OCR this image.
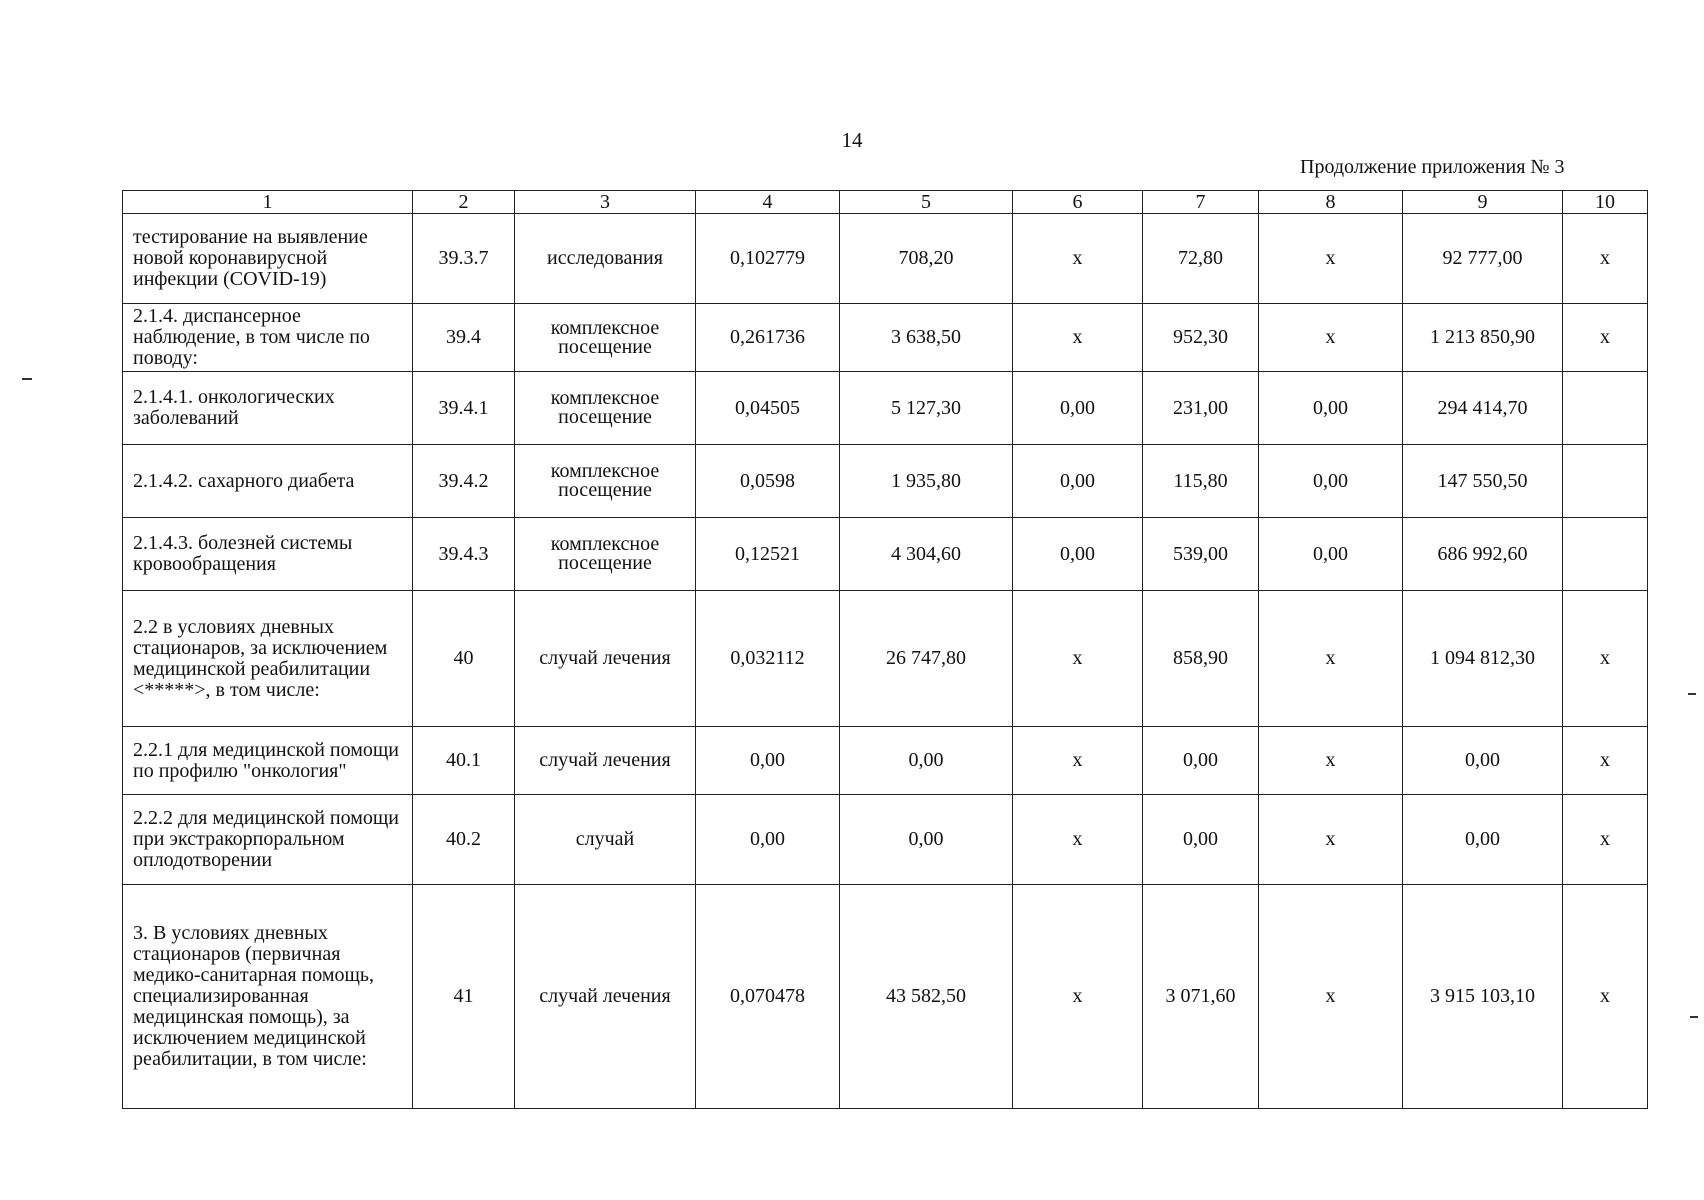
14
Продолжение приложения № 3
1	2	3	4	5	6	7	8	9	10
тестирование на выявление новой коронавирусной инфекции (COVID-19)	39.3.7	исследования	0,102779	708,20	x	72,80	x	92 777,00	x
2.1.4. диспансерное наблюдение, в том числе по поводу:	39.4	комплексное посещение	0,261736	3 638,50	x	952,30	x	1 213 850,90	x
2.1.4.1. онкологических заболеваний	39.4.1	комплексное посещение	0,04505	5 127,30	0,00	231,00	0,00	294 414,70	
2.1.4.2. сахарного диабета	39.4.2	комплексное посещение	0,0598	1 935,80	0,00	115,80	0,00	147 550,50	
2.1.4.3. болезней системы кровообращения	39.4.3	комплексное посещение	0,12521	4 304,60	0,00	539,00	0,00	686 992,60	
2.2 в условиях дневных стационаров, за исключением медицинской реабилитации <*****>, в том числе:	40	случай лечения	0,032112	26 747,80	x	858,90	x	1 094 812,30	x
2.2.1 для медицинской помощи по профилю "онкология"	40.1	случай лечения	0,00	0,00	x	0,00	x	0,00	x
2.2.2 для медицинской помощи при экстракорпоральном оплодотворении	40.2	случай	0,00	0,00	x	0,00	x	0,00	x
3. В условиях дневных стационаров (первичная медико-санитарная помощь, специализированная медицинская помощь), за исключением медицинской реабилитации, в том числе:	41	случай лечения	0,070478	43 582,50	x	3 071,60	x	3 915 103,10	x
